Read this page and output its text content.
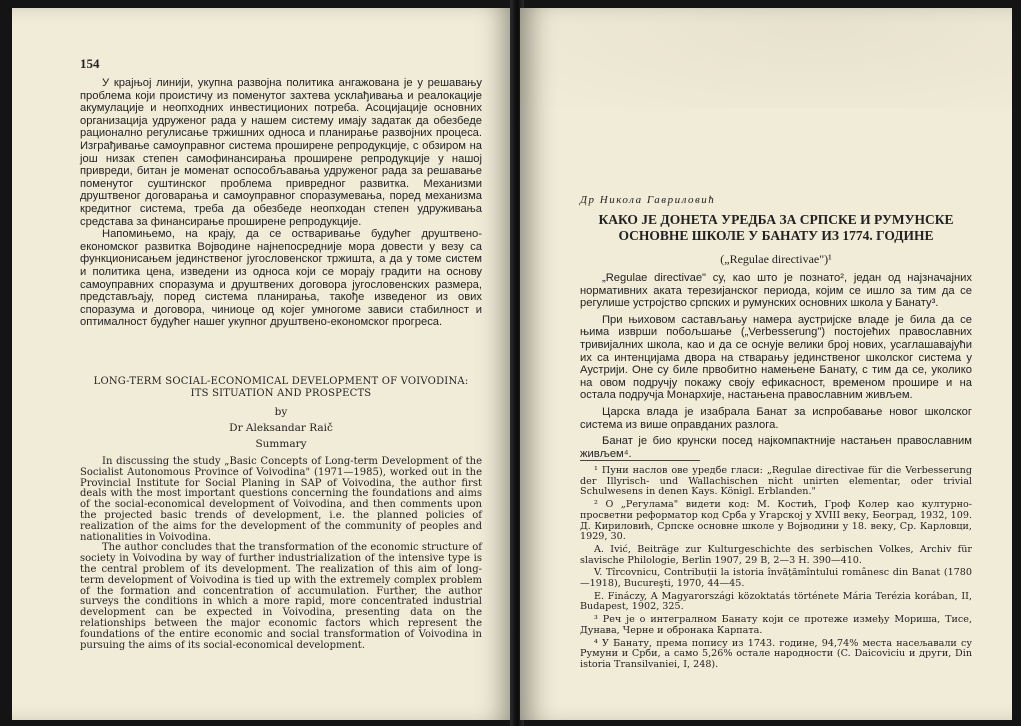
154

У крајњој линији, укупна развојна политика ангажована је у решавању проблема који проистичу из поменутог захтева усклађивања и реалокације акумулације и неопходних инвестиционих потреба. Асоцијације основних организација удруженог рада у нашем систему имају задатак да обезбеде рационално регулисање тржишних односа и планирање развојних процеса. Изграђивање самоуправног система проширене репродукције, с обзиром на још низак степен самофинансирања проширене репродукције у нашој привреди, битан је моменат оспособљавања удруженог рада за решавање поменутог суштинског проблема привредног развитка. Механизми друштвеног договарања и самоуправног споразумевања, поред механизма кредитног система, треба да обезбеде неопходан степен удруживања средстава за финансирање проширене репродукције.

Напомињемо, на крају, да се остваривање будућег друштвено-економског развитка Војводине најнепосредније мора довести у везу са функционисањем јединственог југословенског тржишта, а да у томе систем и политика цена, изведени из односа који се морају градити на основу самоуправних споразума и друштвених договора југословенских размера, представљају, поред система планирања, такође изведеног из ових споразума и договора, чиниоце од којег умногоме зависи стабилност и оптималност будућег нашег укупног друштвено-економског прогреса.

LONG-TERM SOCIAL-ECONOMICAL DEVELOPMENT OF VOIVODINA:

ITS SITUATION AND PROSPECTS

by

Dr Aleksandar Raič

Summary

In discussing the study „Basic Concepts of Long-term Development of the Socialist Autonomous Province of Voivodina" (1971—1985), worked out in the Provincial Institute for Social Planing in SAP of Voivodina, the author first deals with the most important questions concerning the foundations and aims of the social-economical development of Voivodina, and then comments upon the projected basic trends of development, i.e. the planned policies of realization of the aims for the development of the community of peoples and nationalities in Voivodina.

The author concludes that the transformation of the economic structure of society in Voivodina by way of further industrialization of the intensive type is the central problem of its development. The realization of this aim of long-term development of Voivodina is tied up with the extremely complex problem of the formation and concentration of accumulation. Further, the author surveys the conditions in which a more rapid, more concentrated industrial development can be expected in Voivodina, presenting data on the relationships between the major economic factors which represent the foundations of the entire economic and social transformation of Voivodina in pursuing the aims of its social-economical development.

Др Никола Гавриловић
КАКО ЈЕ ДОНЕТА УРЕДБА ЗА СРПСКЕ И РУМУНСКЕ
ОСНОВНЕ ШКОЛЕ У БАНАТУ ИЗ 1774. ГОДИНЕ

(„Regulae directivae")¹

„Regulae directivae" су, као што је познато², један од најзначајних нормативних аката терезијанског периода, којим се ишло за тим да се регулише устројство српских и румунских основних школа у Банату³.

При њиховом састављању намера аустријске владе је била да се њима изврши побољшање („Verbesserung") постојећих православних тривијалних школа, као и да се оснује велики број нових, усаглашавајући их са интенцијама двора на стварању јединственог школског система у Аустрији. Оне су биле првобитно намењене Банату, с тим да се, уколико на овом подручју покажу своју ефикасност, временом прошире и на остала подручја Монархије, настањена православним живљем.

Царска влада је изабрала Банат за испробавање новог школског система из више оправданих разлога.

Банат је био крунски посед најкомпактније настањен православним живљем⁴.

¹ Пуни наслов ове уредбе гласи: „Regulae directivae für die Verbesserung der Illyrisch- und Wallachischen nicht unirten elementar, oder trivial Schulwesens in denen Kays. Königl. Erblanden."

² О „Регулама" видети код: М. Костић, Гроф Колер као културно-просветни реформатор код Срба у Угарској у XVIII веку, Београд, 1932, 109. Д. Кириловић, Српске основне школе у Војводини у 18. веку, Ср. Карловци, 1929, 30.

A. Ivić, Beiträge zur Kulturgeschichte des serbischen Volkes, Archiv für slavische Philologie, Berlin 1907, 29 B, 2—3 H. 390—410.

V. Tîrcovnicu, Contribuții la istoria învățămîntului românesc din Banat (1780—1918), Bucureşti, 1970, 44—45.

E. Fináczy, A Magyarországi közoktatás története Mária Terézia korában, II, Budapest, 1902, 325.

³ Реч је о интегралном Банату који се протеже између Мориша, Тисе, Дунава, Черне и обронака Карпата.

⁴ У Банату, према попису из 1743. године, 94,74% места насељавали су Румуни и Срби, а само 5,26% остале народности (C. Daicoviciu и други, Din istoria Transilvaniei, I, 248).
